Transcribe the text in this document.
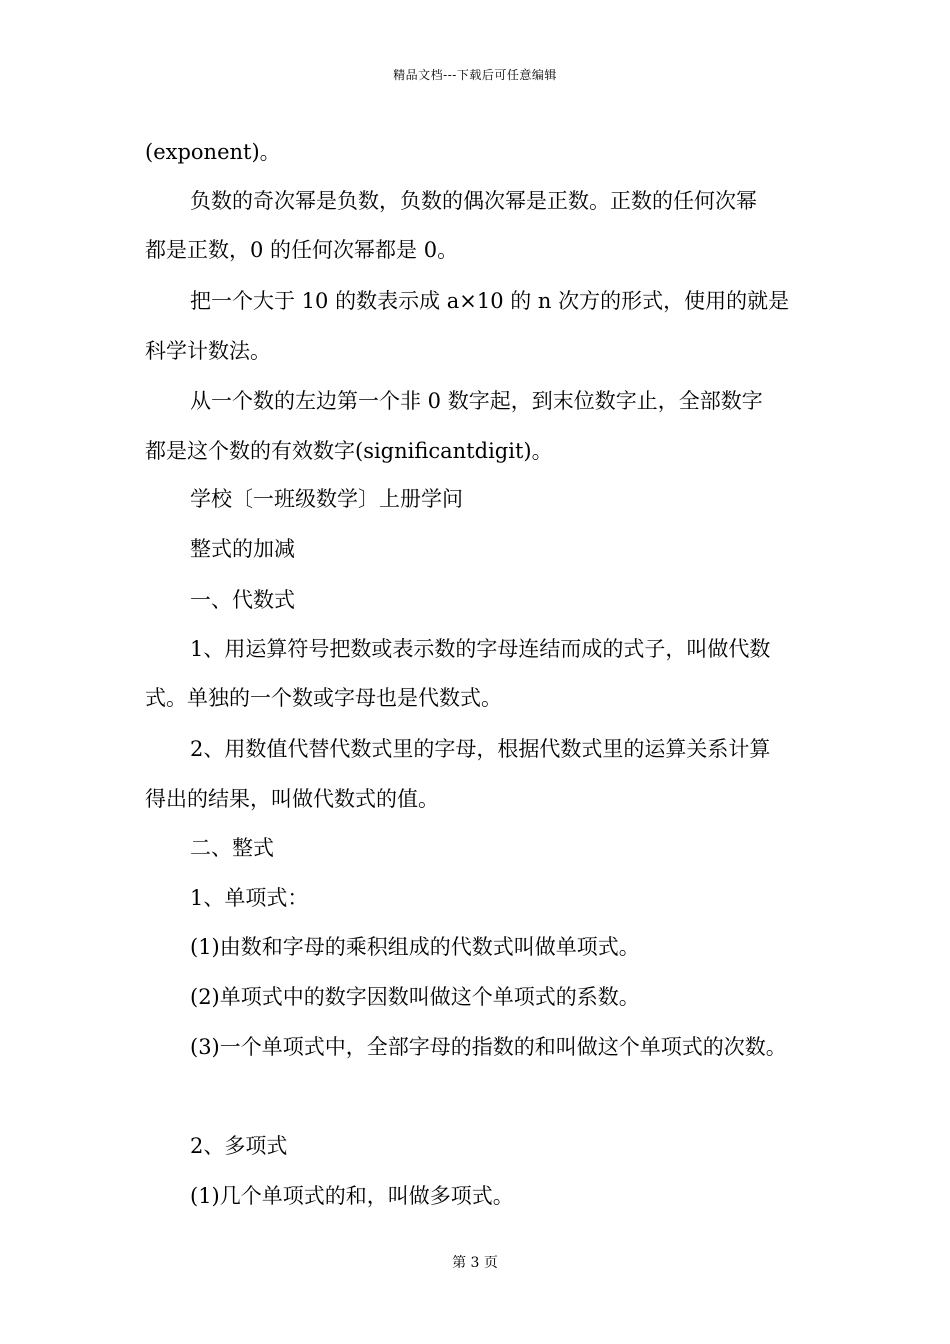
精品文档---下载后可任意编辑
(exponent)。
负数的奇次幂是负数，负数的偶次幂是正数。正数的任何次幂
都是正数，0 的任何次幂都是 0。
把一个大于 10 的数表示成 a×10 的 n 次方的形式，使用的就是
科学计数法。
从一个数的左边第一个非 0 数字起，到末位数字止，全部数字
都是这个数的有效数字(significantdigit)。
学校〔一班级数学〕上册学问
整式的加减
一、代数式
1、用运算符号把数或表示数的字母连结而成的式子，叫做代数
式。单独的一个数或字母也是代数式。
2、用数值代替代数式里的字母，根据代数式里的运算关系计算
得出的结果，叫做代数式的值。
二、整式
1、单项式：
(1)由数和字母的乘积组成的代数式叫做单项式。
(2)单项式中的数字因数叫做这个单项式的系数。
(3)一个单项式中，全部字母的指数的和叫做这个单项式的次数。
2、多项式
(1)几个单项式的和，叫做多项式。
第 3 页
